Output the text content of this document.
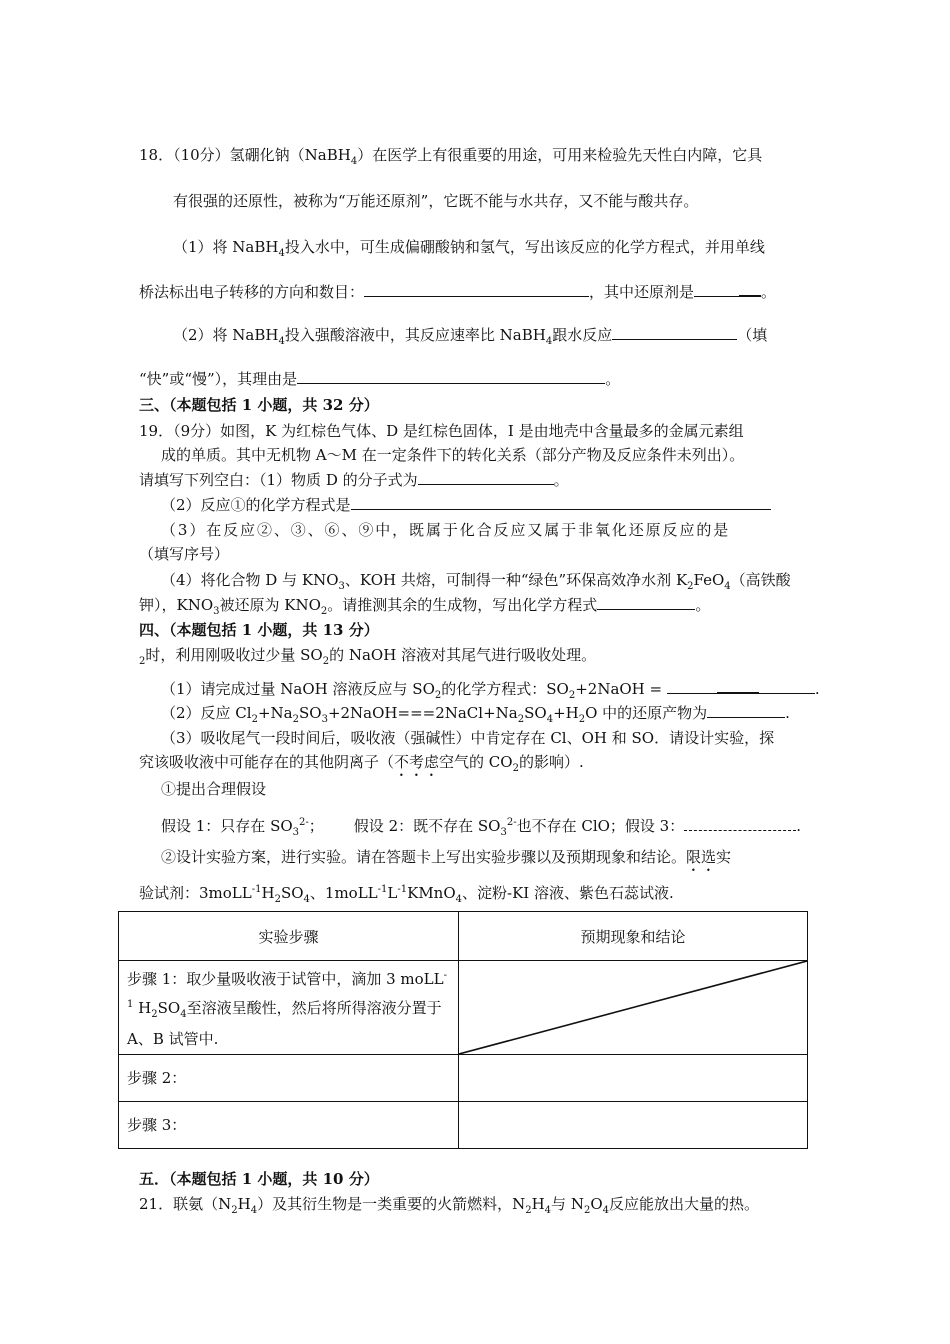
18．（10分）氢硼化钠（NaBH$_4$）在医学上有很重要的用途，可用来检验先天性白内障，它具
有很强的还原性，被称为“万能还原剂”，它既不能与水共存，又不能与酸共存。
（1）将 NaBH$_4$投入水中，可生成偏硼酸钠和氢气，写出该反应的化学方程式，并用单线
桥法标出电子转移的方向和数目：	，其中还原剂是	。
（2）将 NaBH$_4$投入强酸溶液中，其反应速率比 NaBH$_4$跟水反应	（填
“快”或“慢”），其理由是	。
三、（本题包括 1 小题，共 32 分）
19．（9分）如图，K 为红棕色气体、D 是红棕色固体，I 是由地壳中含量最多的金属元素组
成的单质。其中无机物 A～M 在一定条件下的转化关系（部分产物及反应条件未列出）。
请填写下列空白：（1）物质 D 的分子式为	。
（2）反应①的化学方程式是
（3）在反应②、③、⑥、⑨中，既属于化合反应又属于非氧化还原反应的是
（填写序号）
（4）将化合物 D 与 $KNO_3$、KOH 共熔，可制得一种“绿色”环保高效净水剂 $K_2FeO_4$（高铁酸
钾），$KNO_3$被还原为 $KNO_2$。请推测其余的生成物，写出化学方程式	。
四、（本题包括 1 小题，共 13 分）
$_2$时，利用刚吸收过少量 $SO_2$的 NaOH 溶液对其尾气进行吸收处理。
（1）请完成过量 NaOH 溶液反应与 $SO_2$的化学方程式：$SO_2+2NaOH$ =	.
（2）反应 $Cl_2+Na_2SO_3+2NaOH===2NaCl+Na_2SO_4+H_2O$ 中的还原产物为	.
（3）吸收尾气一段时间后，吸收液（强碱性）中肯定存在 Cl、OH 和 SO．请设计实验，探
究该吸收液中可能存在的其他阴离子（不考虑空气的 $CO_2$的影响）.
①提出合理假设
假设 1：只存在 $SO_3^{2-}$； 假设 2：既不存在 $SO_3^{2-}$也不存在 ClO；假设 3：	.
②设计实验方案，进行实验。请在答题卡上写出实验步骤以及预期现象和结论。限选实
验试剂：$3moLL^{-1}H_2SO_4$、$1moLL^{-1}L^{-1}KMnO_4$、淀粉-KI 溶液、紫色石蕊试液.
实验步骤	预期现象和结论

步骤 1：取少量吸收液于试管中，滴加 3 moLL$^{-1}$ $H_2SO_4$至溶液呈酸性，然后将所得溶液分置于 A、B 试管中.

步骤 2：	

步骤 3：	

五．（本题包括 1 小题，共 10 分）
21．联氨$(N_2H_4)$及其衍生物是一类重要的火箭燃料，$N_2H_4$与 $N_2O_4$反应能放出大量的热。
